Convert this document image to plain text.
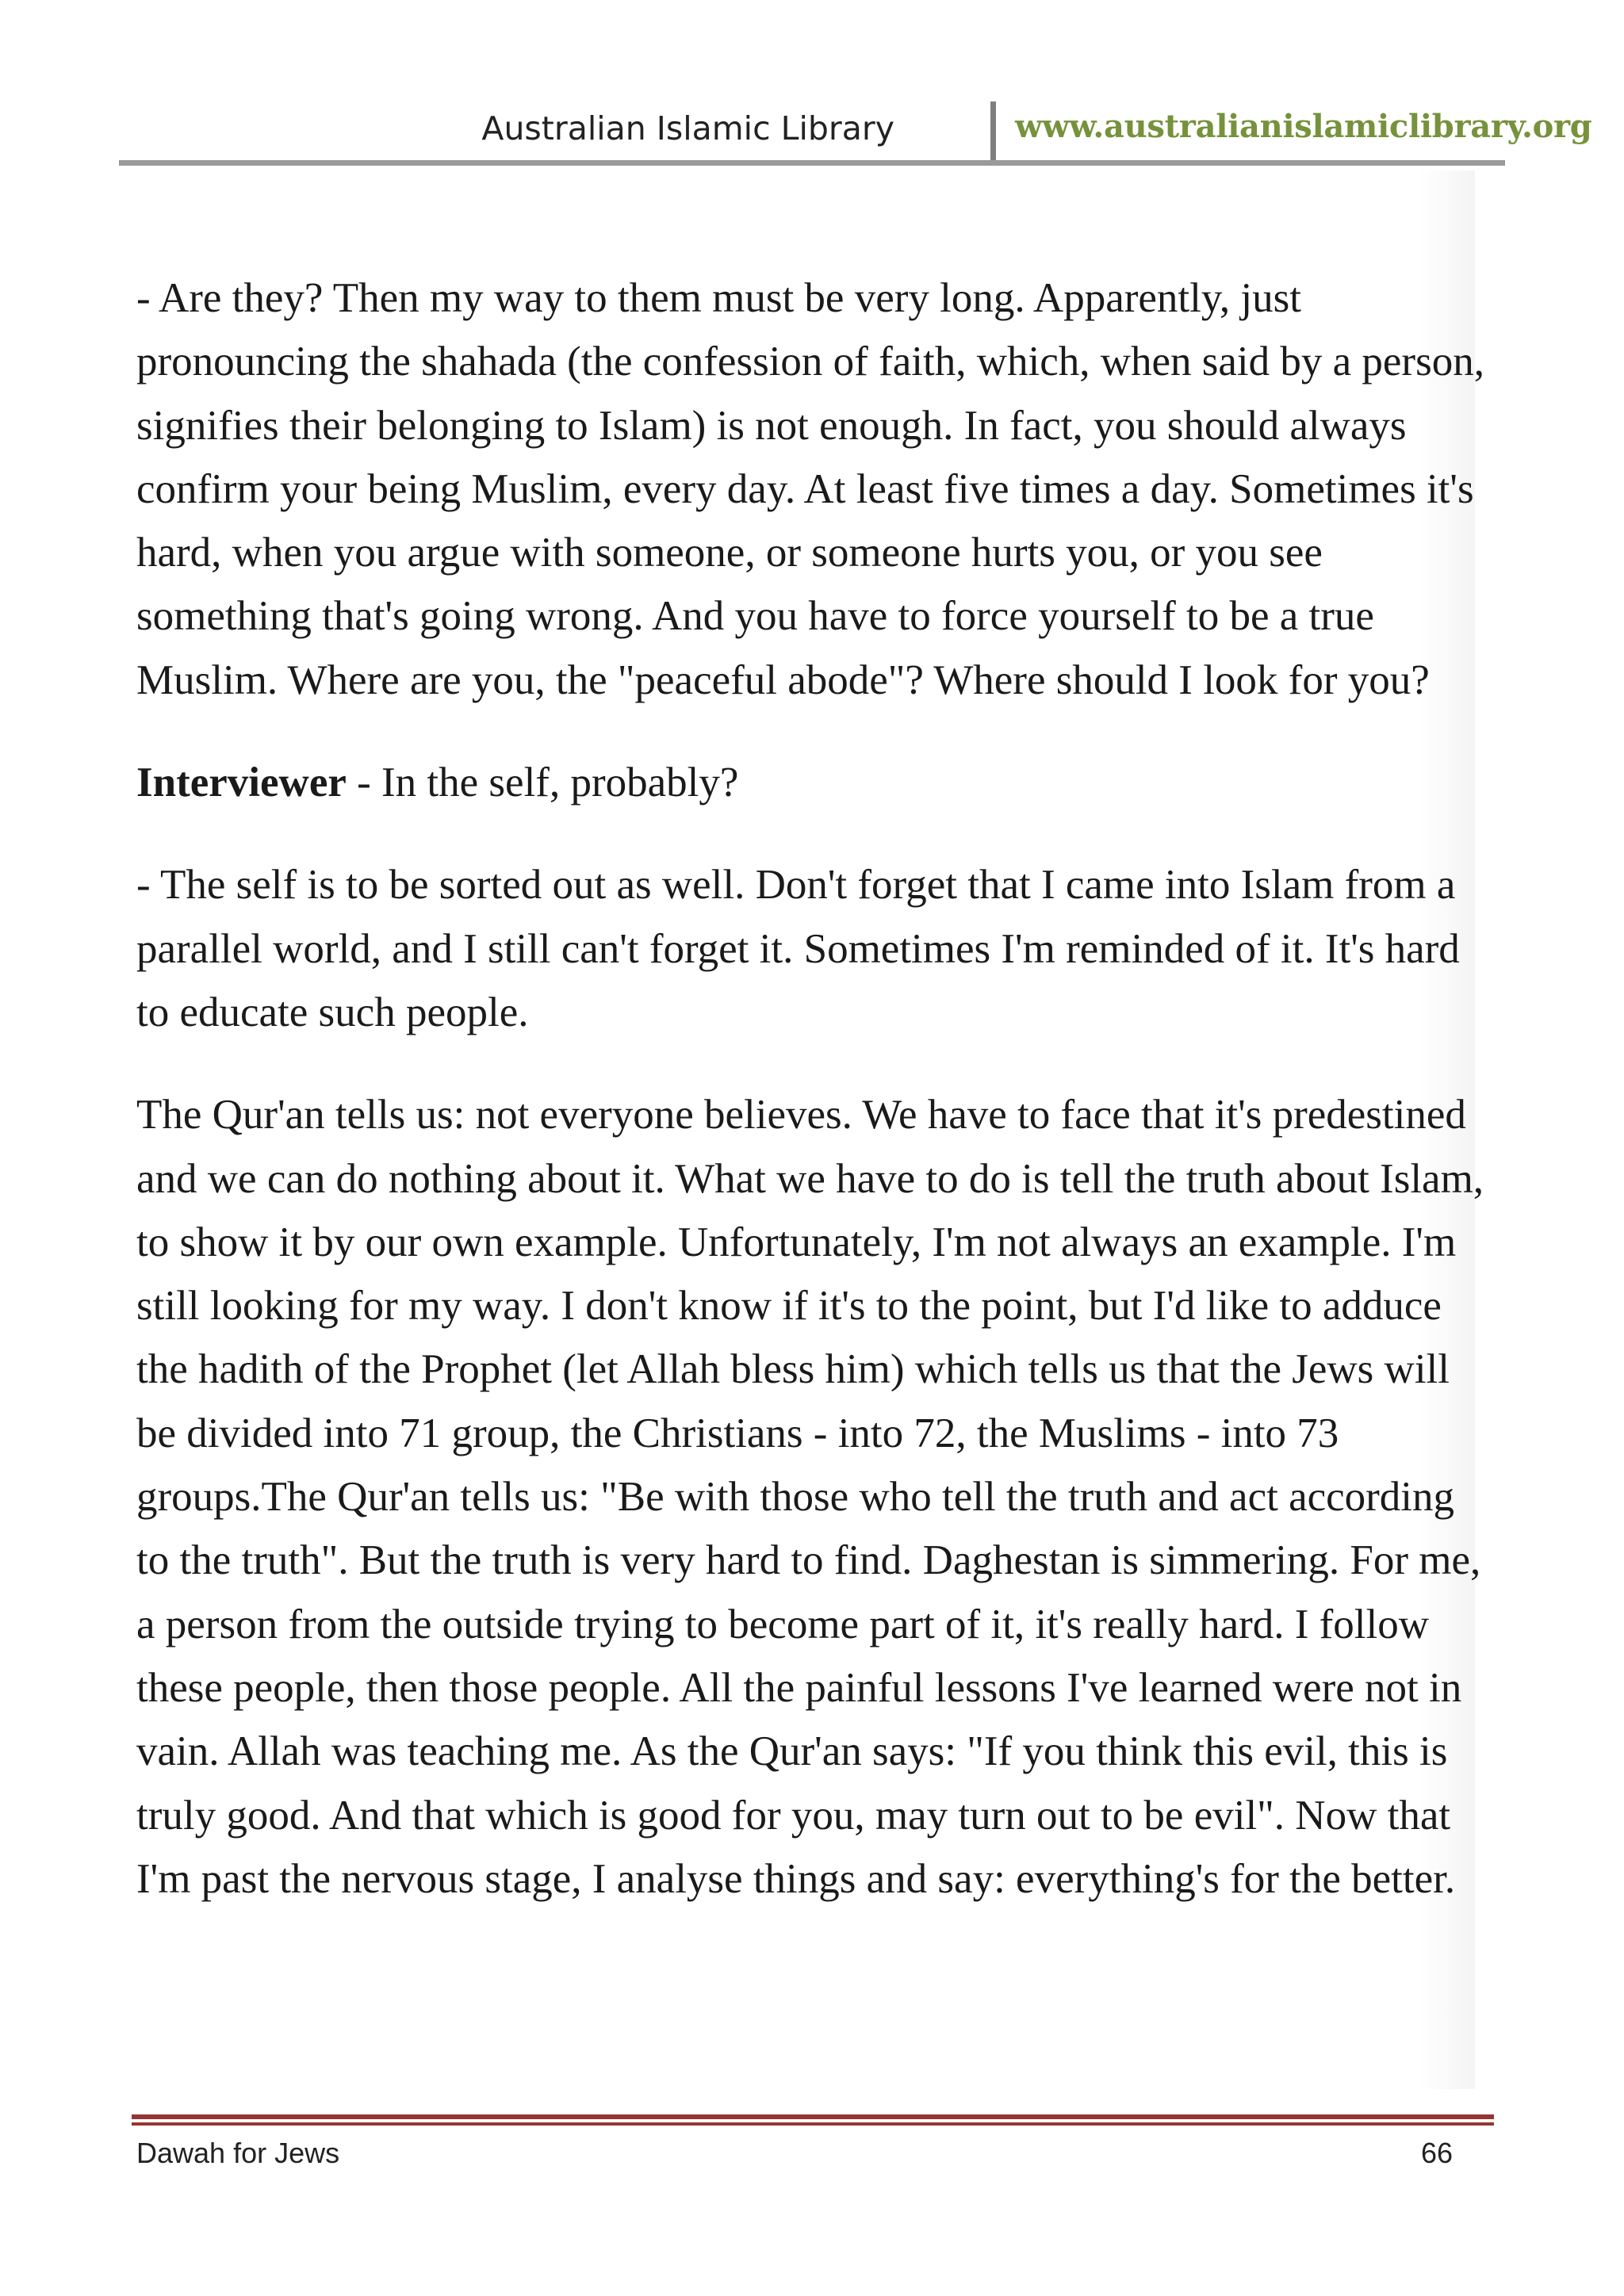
Australian Islamic Library	www.australianislamiclibrary.org

- Are they? Then my way to them must be very long. Apparently, just pronouncing the shahada (the confession of faith, which, when said by a person, signifies their belonging to Islam) is not enough. In fact, you should always confirm your being Muslim, every day. At least five times a day. Sometimes it's hard, when you argue with someone, or someone hurts you, or you see something that's going wrong. And you have to force yourself to be a true Muslim. Where are you, the "peaceful abode"? Where should I look for you?

Interviewer - In the self, probably?

- The self is to be sorted out as well. Don't forget that I came into Islam from a parallel world, and I still can't forget it. Sometimes I'm reminded of it. It's hard to educate such people.

The Qur'an tells us: not everyone believes. We have to face that it's predestined and we can do nothing about it. What we have to do is tell the truth about Islam, to show it by our own example. Unfortunately, I'm not always an example. I'm still looking for my way. I don't know if it's to the point, but I'd like to adduce the hadith of the Prophet (let Allah bless him) which tells us that the Jews will be divided into 71 group, the Christians - into 72, the Muslims - into 73 groups.The Qur'an tells us: "Be with those who tell the truth and act according to the truth". But the truth is very hard to find. Daghestan is simmering. For me, a person from the outside trying to become part of it, it's really hard. I follow these people, then those people. All the painful lessons I've learned were not in vain. Allah was teaching me. As the Qur'an says: "If you think this evil, this is truly good. And that which is good for you, may turn out to be evil". Now that I'm past the nervous stage, I analyse things and say: everything's for the better.

Dawah for Jews	66
